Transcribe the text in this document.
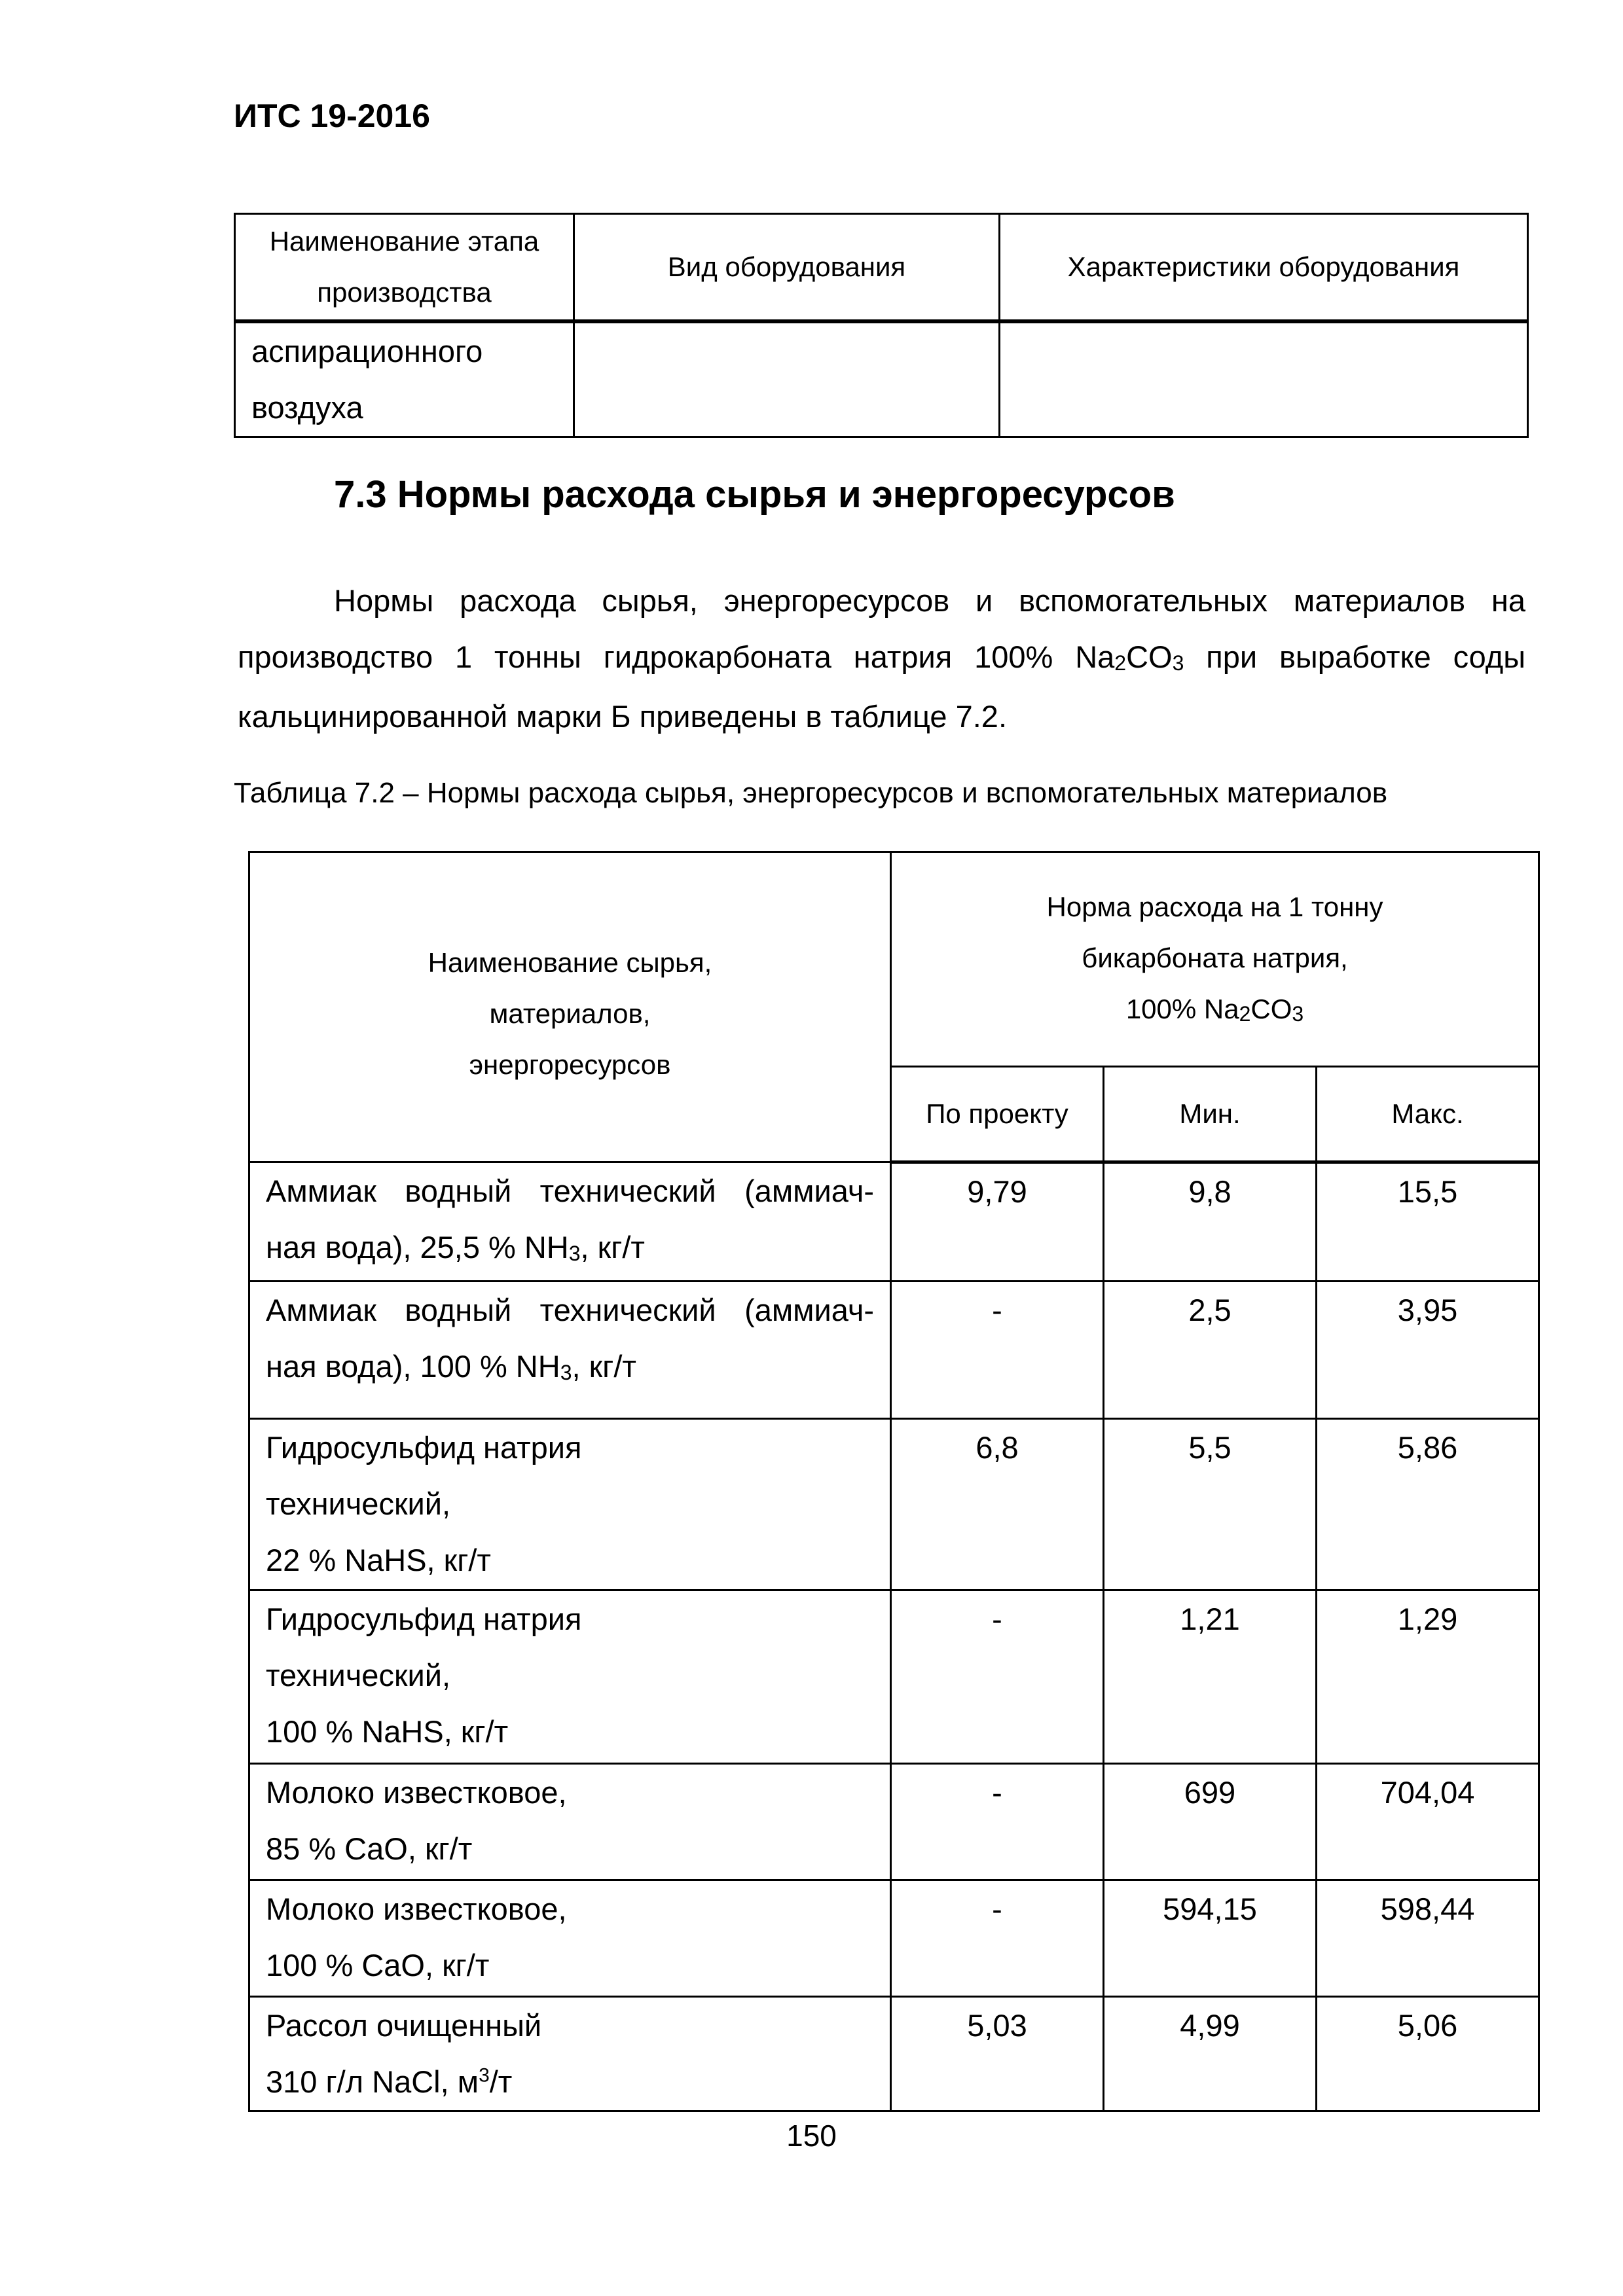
ИТС 19-2016

Наименование этапа производства	Вид оборудования	Характеристики оборудования

аспирационного воздуха		

7.3 Нормы расхода сырья и энергоресурсов

Нормы расхода сырья, энергоресурсов и вспомогательных материалов на производство 1 тонны гидрокарбоната натрия 100% $Na_2CO_3$ при выработке соды кальцинированной марки Б приведены в таблице 7.2.

Таблица 7.2 – Нормы расхода сырья, энергоресурсов и вспомогательных материалов

Наименование сырья, материалов, энергоресурсов	Норма расхода на 1 тонну
бикарбоната натрия,
100% $Na_2CO_3$

	По проекту	Мин.	Макс.

Аммиак водный технический (аммиач-
ная вода), 25,5 % $NH_3$, кг/т	9,79	9,8	15,5

Аммиак водный технический (аммиач-
ная вода), 100 % $NH_3$, кг/т	-	2,5	3,95

Гидросульфид натрия
технический,
22 % NaHS, кг/т	6,8	5,5	5,86

Гидросульфид натрия
технический,
100 % NaHS, кг/т	-	1,21	1,29

Молоко известковое,
85 % CaO, кг/т	-	699	704,04

Молоко известковое,
100 % CaO, кг/т	-	594,15	598,44

Рассол очищенный
310 г/л NaCl, $м^3/т$	5,03	4,99	5,06

150
